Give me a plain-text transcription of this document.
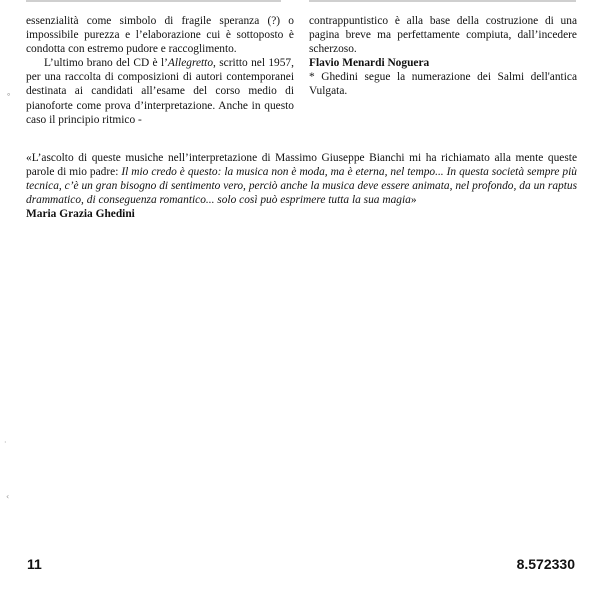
essenzialità come simbolo di fragile speranza (?) o impossibile purezza e l’elaborazione cui è sottoposto è condotta con estremo pudore e raccoglimento.

L’ultimo brano del CD è l’Allegretto, scritto nel 1957, per una raccolta di composizioni di autori contemporanei destinata ai candidati all’esame del corso medio di pianoforte come prova d’interpretazione. Anche in questo caso il principio ritmico -

contrappuntistico è alla base della costruzione di una pagina breve ma perfettamente compiuta, dall’incedere scherzoso.

Flavio Menardi Noguera

* Ghedini segue la numerazione dei Salmi dell'antica Vulgata.

«L’ascolto di queste musiche nell’interpretazione di Massimo Giuseppe Bianchi mi ha richiamato alla mente queste parole di mio padre: Il mio credo è questo: la musica non è moda, ma è eterna, nel tempo... In questa società sempre più tecnica, c’è un gran bisogno di sentimento vero, perciò anche la musica deve essere animata, nel profondo, da un raptus drammatico, di conseguenza romantico... solo così può esprimere tutta la sua magia»

Maria Grazia Ghedini

∘
·
‹
11	8.572330
